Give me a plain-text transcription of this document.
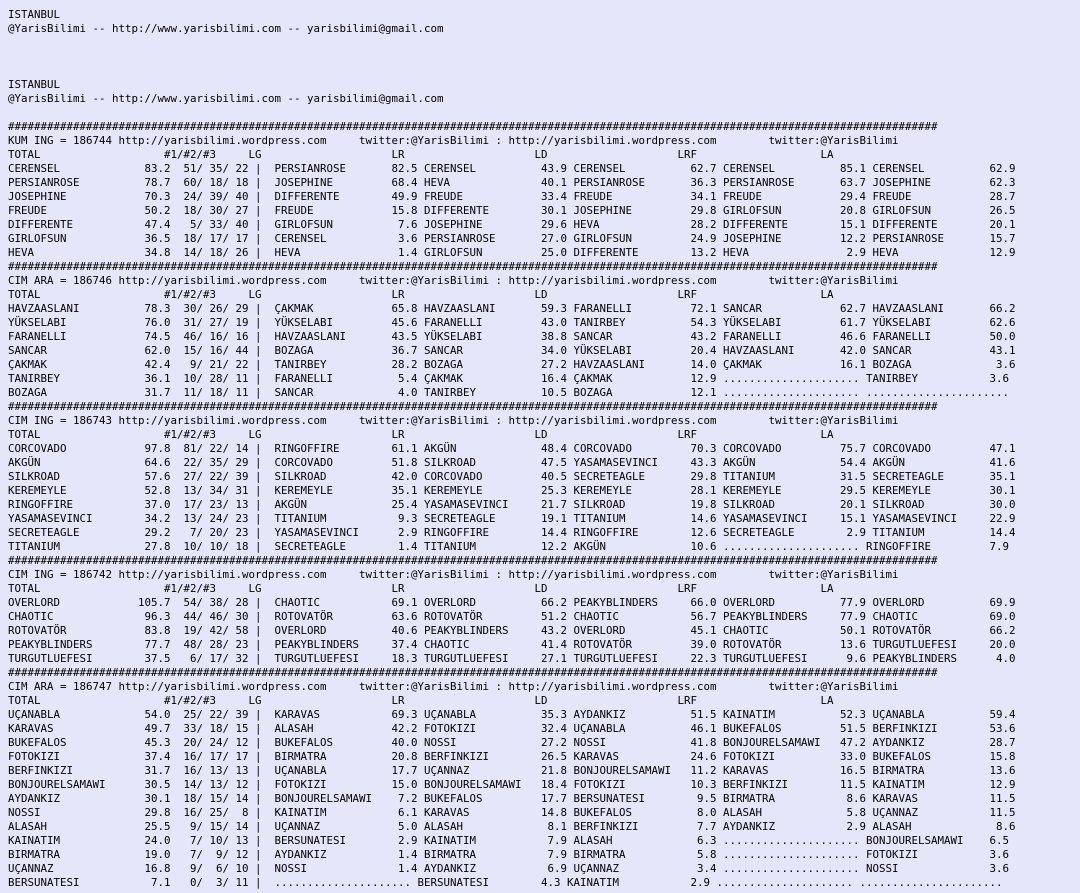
ISTANBUL
@YarisBilimi -- http://www.yarisbilimi.com -- yarisbilimi@gmail.com
ISTANBUL
@YarisBilimi -- http://www.yarisbilimi.com -- yarisbilimi@gmail.com
###############################################################################################################################################
KUM ING = 186744 http://yarisbilimi.wordpress.com     twitter:@YarisBilimi : http://yarisbilimi.wordpress.com        twitter:@YarisBilimi
TOTAL                   #1/#2/#3     LG                    LR                    LD                    LRF                   LA
CERENSEL             83.2  51/ 35/ 22 |  PERSIANROSE       82.5 CERENSEL          43.9 CERENSEL          62.7 CERENSEL          85.1 CERENSEL          62.9
PERSIANROSE          78.7  60/ 18/ 18 |  JOSEPHINE         68.4 HEVA              40.1 PERSIANROSE       36.3 PERSIANROSE       63.7 JOSEPHINE         62.3
JOSEPHINE            70.3  24/ 39/ 40 |  DIFFERENTE        49.9 FREUDE            33.4 FREUDE            34.1 FREUDE            29.4 FREUDE            28.7
FREUDE               50.2  18/ 30/ 27 |  FREUDE            15.8 DIFFERENTE        30.1 JOSEPHINE         29.8 GIRLOFSUN         20.8 GIRLOFSUN         26.5
DIFFERENTE           47.4   5/ 33/ 40 |  GIRLOFSUN          7.6 JOSEPHINE         29.6 HEVA              28.2 DIFFERENTE        15.1 DIFFERENTE        20.1
GIRLOFSUN            36.5  18/ 17/ 17 |  CERENSEL           3.6 PERSIANROSE       27.0 GIRLOFSUN         24.9 JOSEPHINE         12.2 PERSIANROSE       15.7
HEVA                 34.8  14/ 18/ 26 |  HEVA               1.4 GIRLOFSUN         25.0 DIFFERENTE        13.2 HEVA               2.9 HEVA              12.9
###############################################################################################################################################
CIM ARA = 186746 http://yarisbilimi.wordpress.com     twitter:@YarisBilimi : http://yarisbilimi.wordpress.com        twitter:@YarisBilimi
TOTAL                   #1/#2/#3     LG                    LR                    LD                    LRF                   LA
HAVZAASLANI          78.3  30/ 26/ 29 |  ÇAKMAK            65.8 HAVZAASLANI       59.3 FARANELLI         72.1 SANCAR            62.7 HAVZAASLANI       66.2
YÜKSELABI            76.0  31/ 27/ 19 |  YÜKSELABI         45.6 FARANELLI         43.0 TANIRBEY          54.3 YÜKSELABI         61.7 YÜKSELABI         62.6
FARANELLI            74.5  46/ 16/ 16 |  HAVZAASLANI       43.5 YÜKSELABI         38.8 SANCAR            43.2 FARANELLI         46.6 FARANELLI         50.0
SANCAR               62.0  15/ 16/ 44 |  BOZAGA            36.7 SANCAR            34.0 YÜKSELABI         20.4 HAVZAASLANI       42.0 SANCAR            43.1
ÇAKMAK               42.4   9/ 21/ 22 |  TANIRBEY          28.2 BOZAGA            27.2 HAVZAASLANI       14.0 ÇAKMAK            16.1 BOZAGA             3.6
TANIRBEY             36.1  10/ 28/ 11 |  FARANELLI          5.4 ÇAKMAK            16.4 ÇAKMAK            12.9 ..................... TANIRBEY           3.6
BOZAGA               31.7  11/ 18/ 11 |  SANCAR             4.0 TANIRBEY          10.5 BOZAGA            12.1 ..................... ......................
###############################################################################################################################################
CIM ING = 186743 http://yarisbilimi.wordpress.com     twitter:@YarisBilimi : http://yarisbilimi.wordpress.com        twitter:@YarisBilimi
TOTAL                   #1/#2/#3     LG                    LR                    LD                    LRF                   LA
CORCOVADO            97.8  81/ 22/ 14 |  RINGOFFIRE        61.1 AKGÜN             48.4 CORCOVADO         70.3 CORCOVADO         75.7 CORCOVADO         47.1
AKGÜN                64.6  22/ 35/ 29 |  CORCOVADO         51.8 SILKROAD          47.5 YASAMASEVINCI     43.3 AKGÜN             54.4 AKGÜN             41.6
SILKROAD             57.6  27/ 22/ 39 |  SILKROAD          42.0 CORCOVADO         40.5 SECRETEAGLE       29.8 TITANIUM          31.5 SECRETEAGLE       35.1
KEREMEYLE            52.8  13/ 34/ 31 |  KEREMEYLE         35.1 KEREMEYLE         25.3 KEREMEYLE         28.1 KEREMEYLE         29.5 KEREMEYLE         30.1
RINGOFFIRE           37.0  17/ 23/ 13 |  AKGÜN             25.4 YASAMASEVINCI     21.7 SILKROAD          19.8 SILKROAD          20.1 SILKROAD          30.0
YASAMASEVINCI        34.2  13/ 24/ 23 |  TITANIUM           9.3 SECRETEAGLE       19.1 TITANIUM          14.6 YASAMASEVINCI     15.1 YASAMASEVINCI     22.9
SECRETEAGLE          29.2   7/ 20/ 23 |  YASAMASEVINCI      2.9 RINGOFFIRE        14.4 RINGOFFIRE        12.6 SECRETEAGLE        2.9 TITANIUM          14.4
TITANIUM             27.8  10/ 10/ 18 |  SECRETEAGLE        1.4 TITANIUM          12.2 AKGÜN             10.6 ..................... RINGOFFIRE         7.9
###############################################################################################################################################
CIM ING = 186742 http://yarisbilimi.wordpress.com     twitter:@YarisBilimi : http://yarisbilimi.wordpress.com        twitter:@YarisBilimi
TOTAL                   #1/#2/#3     LG                    LR                    LD                    LRF                   LA
OVERLORD            105.7  54/ 38/ 28 |  CHAOTIC           69.1 OVERLORD          66.2 PEAKYBLINDERS     66.0 OVERLORD          77.9 OVERLORD          69.9
CHAOTIC              96.3  44/ 46/ 30 |  ROTOVATÖR         63.6 ROTOVATÖR         51.2 CHAOTIC           56.7 PEAKYBLINDERS     77.9 CHAOTIC           69.0
ROTOVATÖR            83.8  19/ 42/ 58 |  OVERLORD          40.6 PEAKYBLINDERS     43.2 OVERLORD          45.1 CHAOTIC           50.1 ROTOVATÖR         66.2
PEAKYBLINDERS        77.7  48/ 28/ 23 |  PEAKYBLINDERS     37.4 CHAOTIC           41.4 ROTOVATÖR         39.0 ROTOVATÖR         13.6 TURGUTLUEFESI     20.0
TURGUTLUEFESI        37.5   6/ 17/ 32 |  TURGUTLUEFESI     18.3 TURGUTLUEFESI     27.1 TURGUTLUEFESI     22.3 TURGUTLUEFESI      9.6 PEAKYBLINDERS      4.0
###############################################################################################################################################
CIM ARA = 186747 http://yarisbilimi.wordpress.com     twitter:@YarisBilimi : http://yarisbilimi.wordpress.com        twitter:@YarisBilimi
TOTAL                   #1/#2/#3     LG                    LR                    LD                    LRF                   LA
UÇANABLA             54.0  25/ 22/ 39 |  KARAVAS           69.3 UÇANABLA          35.3 AYDANKIZ          51.5 KAINATIM          52.3 UÇANABLA          59.4
KARAVAS              49.7  33/ 18/ 15 |  ALASAH            42.2 FOTOKIZI          32.4 UÇANABLA          46.1 BUKEFALOS         51.5 BERFINKIZI        53.6
BUKEFALOS            45.3  20/ 24/ 12 |  BUKEFALOS         40.0 NOSSI             27.2 NOSSI             41.8 BONJOURELSAMAWI   47.2 AYDANKIZ          28.7
FOTOKIZI             37.4  16/ 17/ 17 |  BIRMATRA          20.8 BERFINKIZI        26.5 KARAVAS           24.6 FOTOKIZI          33.0 BUKEFALOS         15.8
BERFINKIZI           31.7  16/ 13/ 13 |  UÇANABLA          17.7 UÇANNAZ           21.8 BONJOURELSAMAWI   11.2 KARAVAS           16.5 BIRMATRA          13.6
BONJOURELSAMAWI      30.5  14/ 13/ 12 |  FOTOKIZI          15.0 BONJOURELSAMAWI   18.4 FOTOKIZI          10.3 BERFINKIZI        11.5 KAINATIM          12.9
AYDANKIZ             30.1  18/ 15/ 14 |  BONJOURELSAMAWI    7.2 BUKEFALOS         17.7 BERSUNATESI        9.5 BIRMATRA           8.6 KARAVAS           11.5
NOSSI                29.8  16/ 25/  8 |  KAINATIM           6.1 KARAVAS           14.8 BUKEFALOS          8.0 ALASAH             5.8 UÇANNAZ           11.5
ALASAH               25.5   9/ 15/ 14 |  UÇANNAZ            5.0 ALASAH             8.1 BERFINKIZI         7.7 AYDANKIZ           2.9 ALASAH             8.6
KAINATIM             24.0   7/ 10/ 13 |  BERSUNATESI        2.9 KAINATIM           7.9 ALASAH             6.3 ..................... BONJOURELSAMAWI    6.5
BIRMATRA             19.0   7/  9/ 12 |  AYDANKIZ           1.4 BIRMATRA           7.9 BIRMATRA           5.8 ..................... FOTOKIZI           3.6
UÇANNAZ              16.8   9/  6/ 10 |  NOSSI              1.4 AYDANKIZ           6.9 UÇANNAZ            3.4 ..................... NOSSI              3.6
BERSUNATESI           7.1   0/  3/ 11 |  ..................... BERSUNATESI        4.3 KAINATIM           2.9 ..................... ......................
